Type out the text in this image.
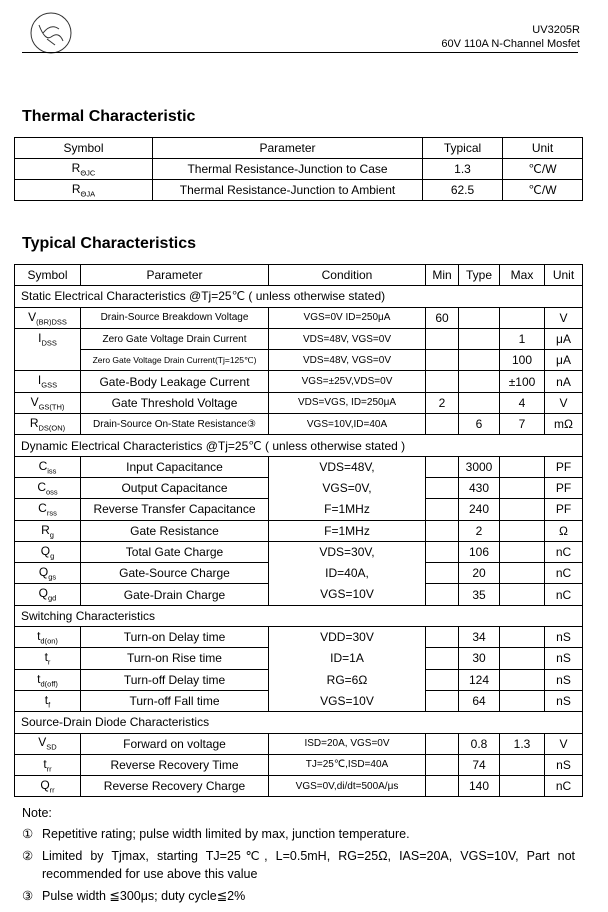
UV3205R
60V 110A N-Channel Mosfet
Thermal Characteristic
Symbol	Parameter	Typical	Unit
$R_{\Theta JC}$	Thermal Resistance-Junction to Case	1.3	℃/W
$R_{\Theta JA}$	Thermal Resistance-Junction to Ambient	62.5	℃/W
Typical Characteristics
Symbol	Parameter	Condition	Min	Type	Max	Unit
Static Electrical Characteristics @Tj=25℃ ( unless otherwise stated)						
$V_{(BR)DSS}$	Drain-Source Breakdown Voltage	VGS=0V ID=250μA	60			V
$I_{DSS}$	Zero Gate Voltage Drain Current	VDS=48V, VGS=0V			1	μA
	Zero Gate Voltage Drain Current(Tj=125℃)	VDS=48V, VGS=0V			100	μA
$I_{GSS}$	Gate-Body Leakage Current	VGS=±25V,VDS=0V			±100	nA
$V_{GS(TH)}$	Gate Threshold Voltage	VDS=VGS, ID=250μA	2		4	V
$R_{DS(ON)}$	Drain-Source On-State Resistance③	VGS=10V,ID=40A		6	7	mΩ
Dynamic Electrical Characteristics @Tj=25℃ ( unless otherwise stated )						
$C_{iss}$	Input Capacitance	VDS=48V,		3000		PF
$C_{oss}$	Output Capacitance	VGS=0V,		430		PF
$C_{rss}$	Reverse Transfer Capacitance	F=1MHz		240		PF
$R_g$	Gate Resistance	F=1MHz		2		Ω
$Q_g$	Total Gate Charge	VDS=30V,		106		nC
$Q_{gs}$	Gate-Source Charge	ID=40A,		20		nC
$Q_{gd}$	Gate-Drain Charge	VGS=10V		35		nC
Switching Characteristics						
$t_{d(on)}$	Turn-on Delay time	VDD=30V		34		nS
$t_r$	Turn-on Rise time	ID=1A		30		nS
$t_{d(off)}$	Turn-off Delay time	RG=6Ω		124		nS
$t_f$	Turn-off Fall time	VGS=10V		64		nS
Source-Drain Diode Characteristics						
$V_{SD}$	Forward on voltage	ISD=20A, VGS=0V		0.8	1.3	V
$t_{rr}$	Reverse Recovery Time	TJ=25℃,ISD=40A		74		nS
$Q_{rr}$	Reverse Recovery Charge	VGS=0V,di/dt=500A/μs		140		nC
Note:
① Repetitive rating; pulse width limited by max, junction temperature.
② Limited by Tjmax, starting TJ=25℃, L=0.5mH, RG=25Ω, IAS=20A, VGS=10V, Part not
recommended for use above this value
③ Pulse width ≦300μs; duty cycle≦2%
